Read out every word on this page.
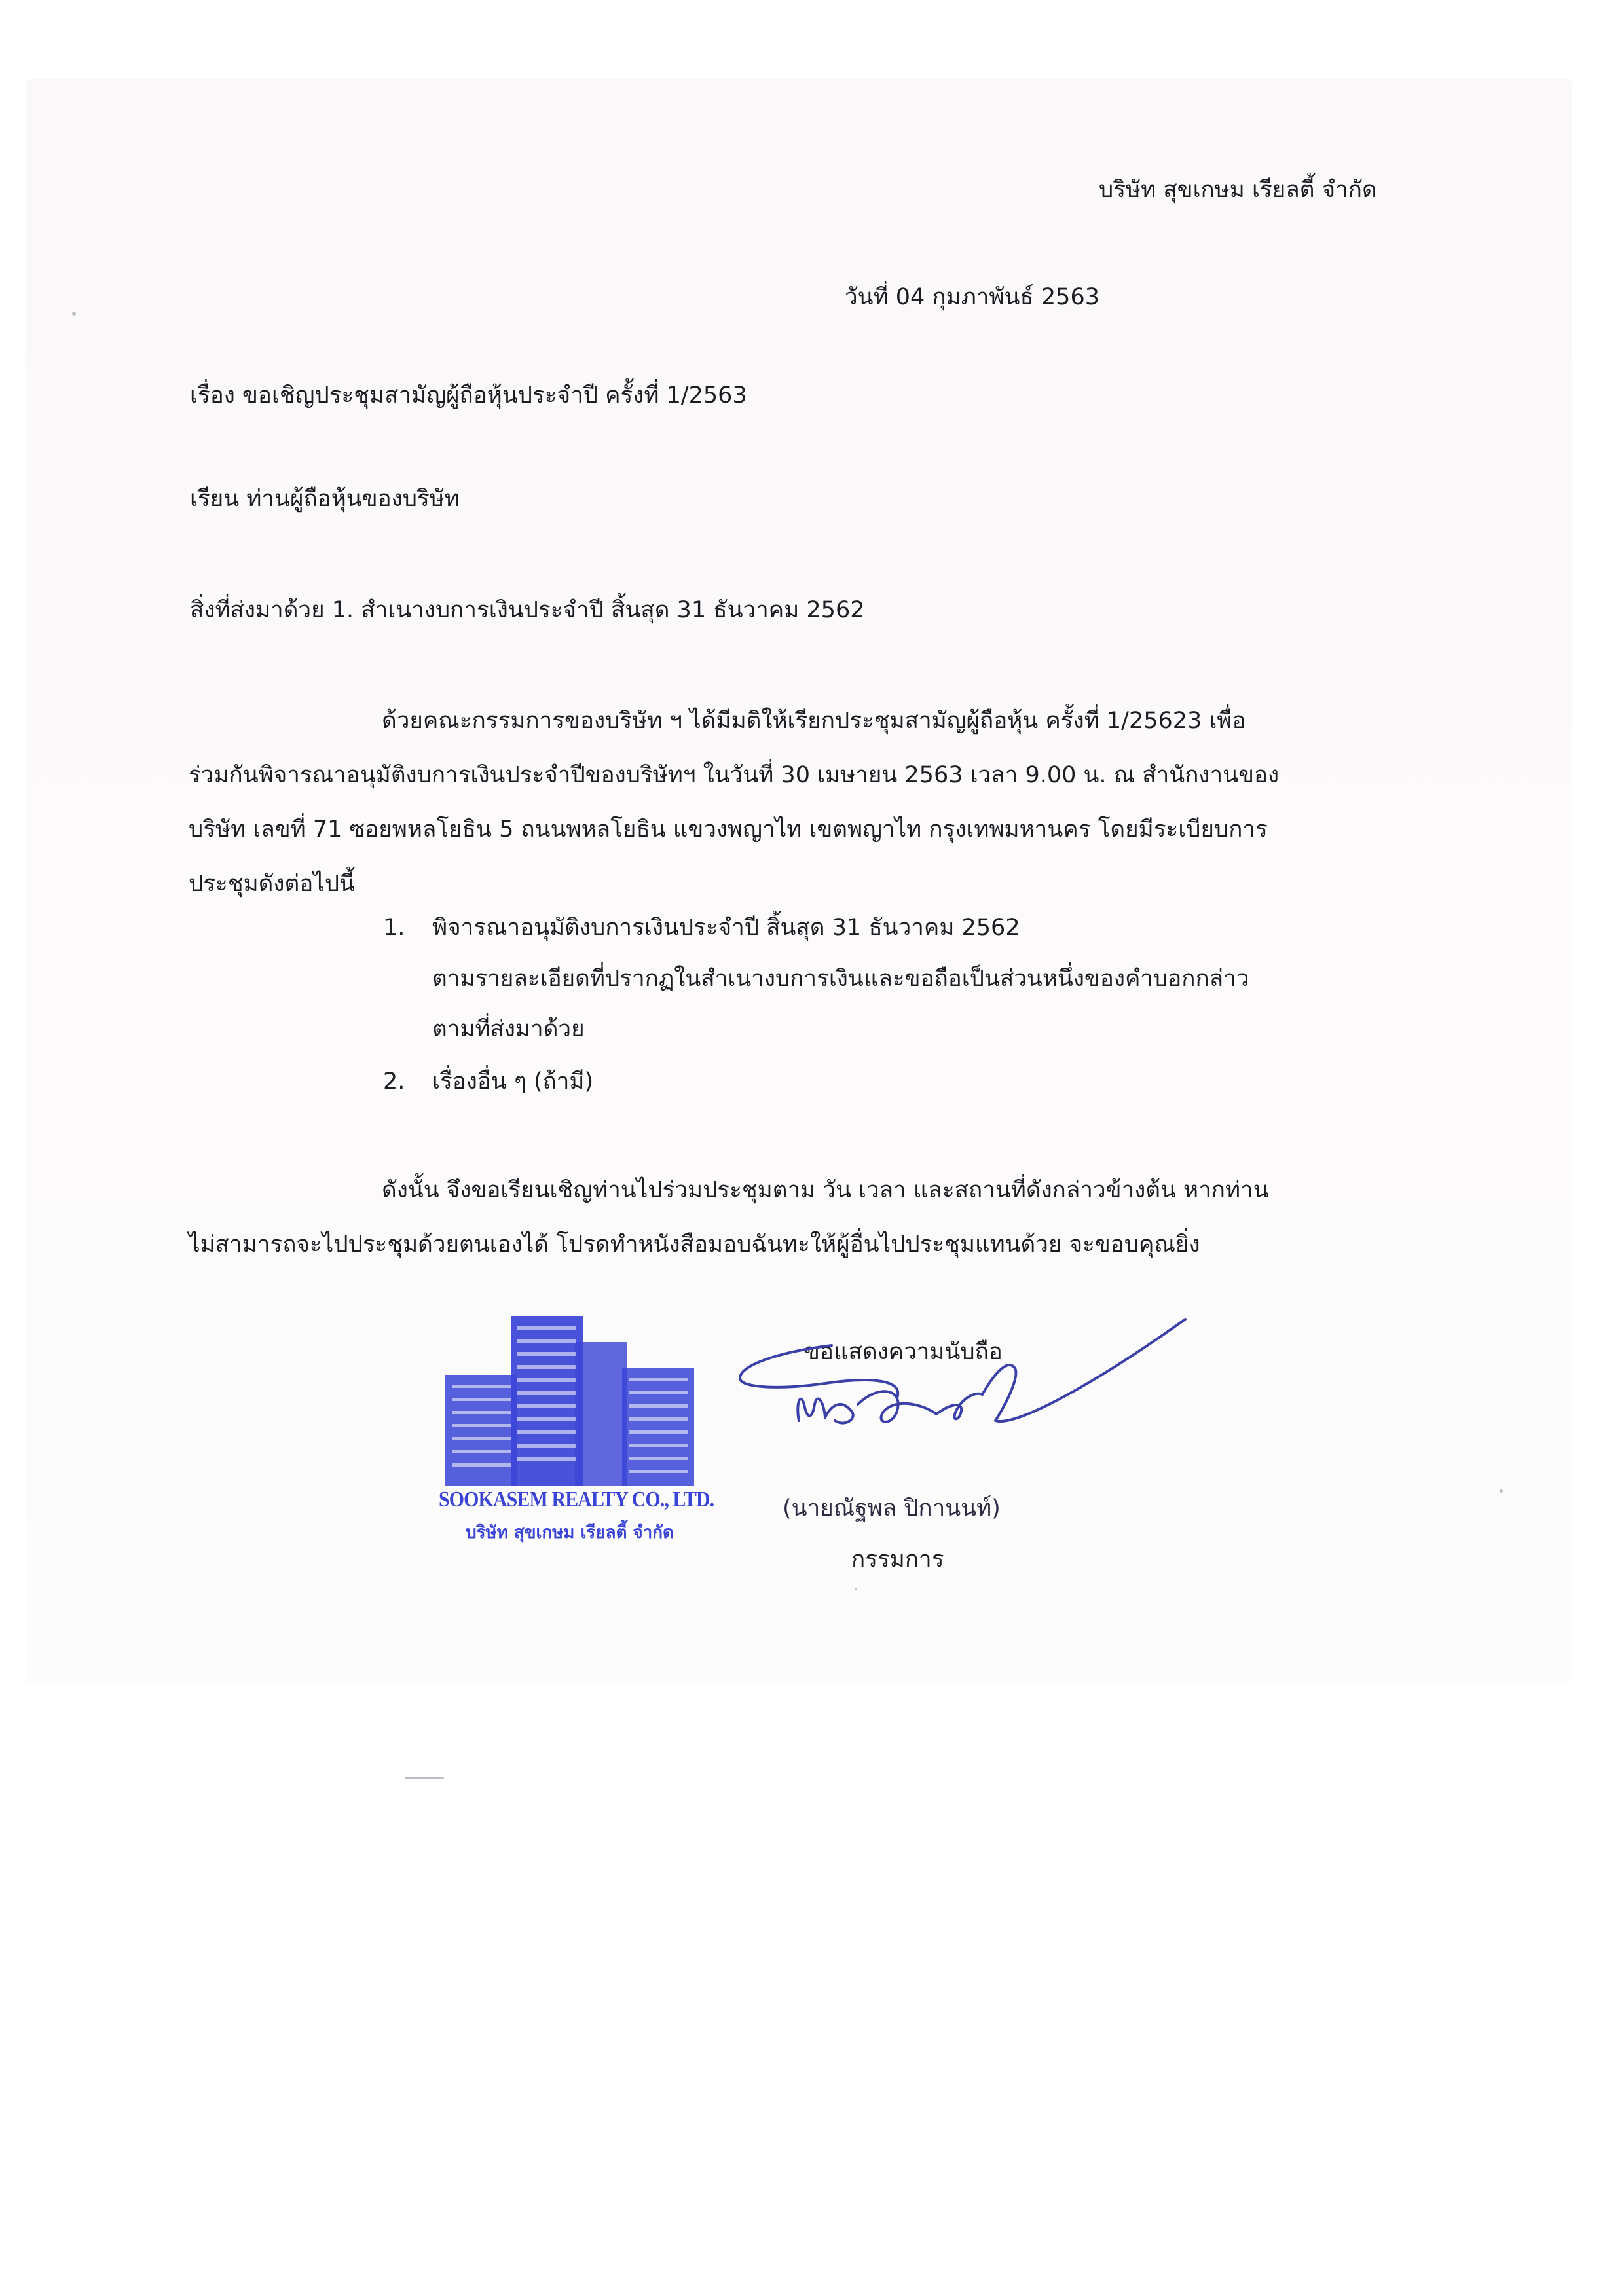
บริษัท สุขเกษม เรียลตี้ จำกัด
วันที่ 04 กุมภาพันธ์ 2563
เรื่อง ขอเชิญประชุมสามัญผู้ถือหุ้นประจำปี ครั้งที่ 1/2563
เรียน ท่านผู้ถือหุ้นของบริษัท
สิ่งที่ส่งมาด้วย 1. สำเนางบการเงินประจำปี สิ้นสุด 31 ธันวาคม 2562
ด้วยคณะกรรมการของบริษัท ฯ ได้มีมติให้เรียกประชุมสามัญผู้ถือหุ้น ครั้งที่ 1/25623 เพื่อ
ร่วมกันพิจารณาอนุมัติงบการเงินประจำปีของบริษัทฯ ในวันที่ 30 เมษายน 2563 เวลา 9.00 น. ณ สำนักงานของ
บริษัท เลขที่ 71 ซอยพหลโยธิน 5 ถนนพหลโยธิน แขวงพญาไท เขตพญาไท กรุงเทพมหานคร โดยมีระเบียบการ
ประชุมดังต่อไปนี้
1. พิจารณาอนุมัติงบการเงินประจำปี สิ้นสุด 31 ธันวาคม 2562
ตามรายละเอียดที่ปรากฏในสำเนางบการเงินและขอถือเป็นส่วนหนึ่งของคำบอกกล่าว
ตามที่ส่งมาด้วย
2. เรื่องอื่น ๆ (ถ้ามี)
ดังนั้น จึงขอเรียนเชิญท่านไปร่วมประชุมตาม วัน เวลา และสถานที่ดังกล่าวข้างต้น หากท่าน
ไม่สามารถจะไปประชุมด้วยตนเองได้ โปรดทำหนังสือมอบฉันทะให้ผู้อื่นไปประชุมแทนด้วย จะขอบคุณยิ่ง
SOOKASEM REALTY CO., LTD.
บริษัท สุขเกษม เรียลตี้ จำกัด
ขอแสดงความนับถือ
(นายณัฐพล ปิกานนท์)
กรรมการ
